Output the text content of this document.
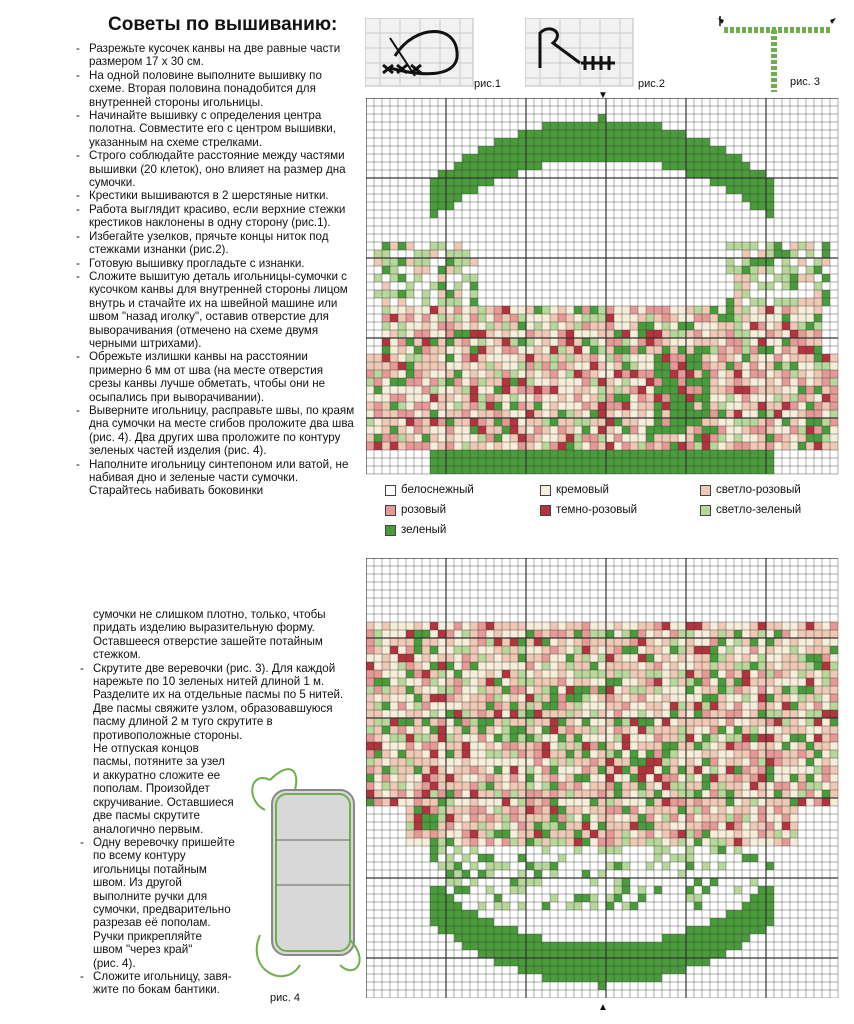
Советы по вышиванию:
- Разрежьте кусочек канвы на две равные части размером 17 х 30 см.
- На одной половине выполните вышивку по схеме. Вторая половина понадобится для внутренней стороны игольницы.
- Начинайте вышивку с определения центра полотна. Совместите его с центром вышивки, указанным на схеме стрелками.
- Строго соблюдайте расстояние между частями вышивки (20 клеток), оно влияет на размер дна сумочки.
- Крестики вышиваются в 2 шерстяные нитки.
- Работа выглядит красиво, если верхние стежки крестиков наклонены в одну сторону (рис.1).
- Избегайте узелков, прячьте концы ниток под стежками изнанки (рис.2).
- Готовую вышивку прогладьте с изнанки.
- Сложите вышитую деталь игольницы-сумочки с кусочком канвы для внутренней стороны лицом внутрь и стачайте их на швейной машине или швом "назад иголку", оставив отверстие для выворачивания (отмечено на схеме двумя черными штрихами).
- Обрежьте излишки канвы на расстоянии примерно 6 мм от шва (на месте отверстия срезы канвы лучше обметать, чтобы они не осыпались при выворачивании).
- Выверните игольницу, расправьте швы, по краям дна сумочки на месте сгибов проложите два шва (рис. 4). Два других шва проложите по контуру зеленых частей изделия (рис. 4).
- Наполните игольницу синтепоном или ватой, не набивая дно и зеленые части сумочки. Старайтесь набивать боковинки
сумочки не слишком плотно, только, чтобы придать изделию выразительную форму. Оставшееся отверстие зашейте потайным стежком.
- Скрутите две веревочки (рис. 3). Для каждой нарежьте по 10 зеленых нитей длиной 1 м. Разделите их на отдельные пасмы по 5 нитей. Две пасмы свяжите узлом, образовавшуюся пасму длиной 2 м туго скрутите в противоположные стороны.
Не отпуская концов
пасмы, потяните за узел
и аккуратно сложите ее
пополам. Произойдет
скручивание. Оставшиеся
две пасмы скрутите
аналогично первым.
- Одну веревочку пришейте
по всему контуру
игольницы потайным
швом. Из другой
выполните ручки для
сумочки, предварительно
разрезав её пополам.
Ручки прикрепляйте
швом "через край"
(рис. 4).
- Сложите игольницу, завя-
жите по бокам бантики.
рис.1	рис.2	рис. 3
▼
белоснежный	кремовый	светло-розовый
розовый	темно-розовый	светло-зеленый
зеленый
▲
рис. 4
